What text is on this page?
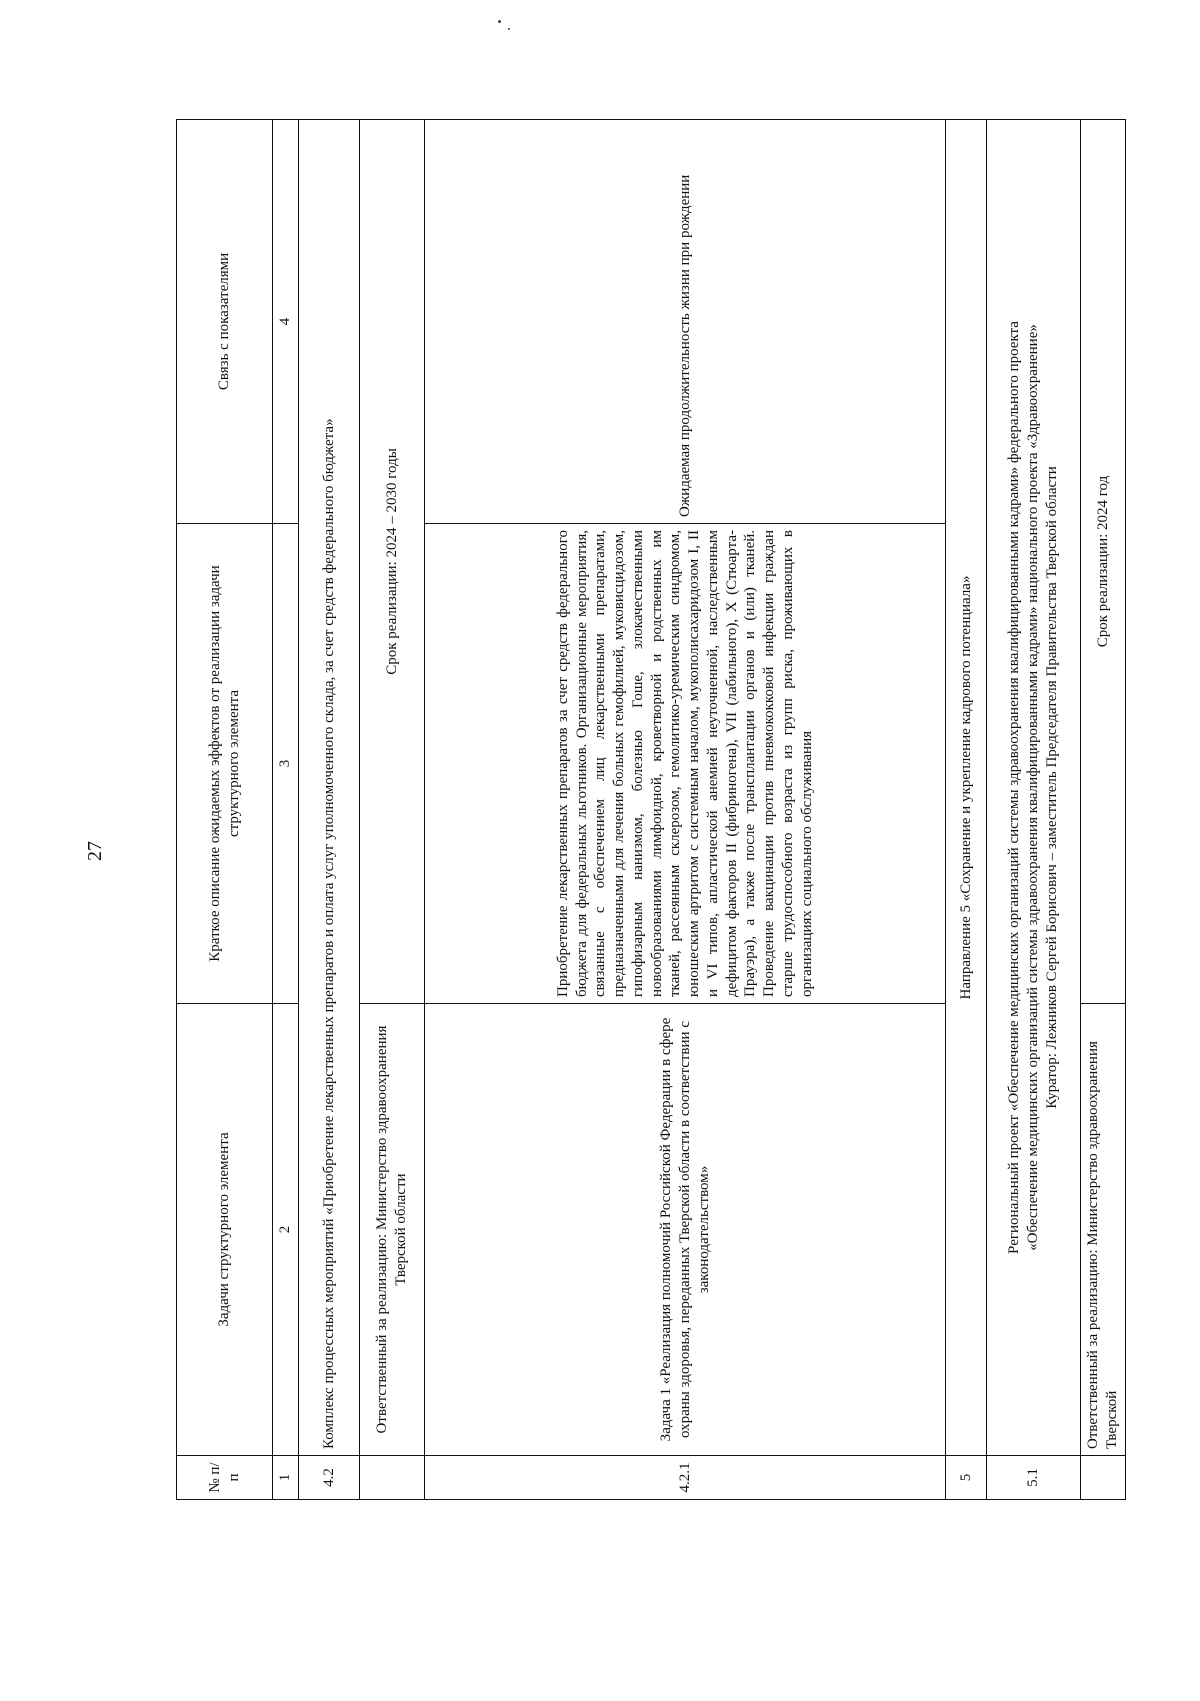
27
№ п/п	Задачи структурного элемента	Краткое описание ожидаемых эффектов от реализации задачи структурного элемента	Связь с показателями
1	2	3	4
4.2	Комплекс процессных мероприятий «Приобретение лекарственных препаратов и оплата услуг уполномоченного склада, за счет средств федерального бюджета»		
	Ответственный за реализацию: Министерство здравоохранения Тверской области	Срок реализации: 2024 – 2030 годы	
4.2.1	Задача 1 «Реализация полномочий Российской Федерации в сфере охраны здоровья, переданных Тверской области в соответствии с законодательством»	Приобретение лекарственных препаратов за счет средств федерального бюджета для федеральных льготников. Организационные мероприятия, связанные с обеспечением лиц лекарственными препаратами, предназначенными для лечения больных гемофилией, муковисцидозом, гипофизарным нанизмом, болезнью Гоше, злокачественными новообразованиями лимфоидной, кроветворной и родственных им тканей, рассеянным склерозом, гемолитико-уремическим синдромом, юношеским артритом с системным началом, мукополисахаридозом I, II и VI типов, апластической анемией неуточненной, наследственным дефицитом факторов II (фибриногена), VII (лабильного), X (Стюарта-Прауэра), а также после трансплантации органов и (или) тканей. Проведение вакцинации против пневмококковой инфекции граждан старше трудоспособного возраста из групп риска, проживающих в организациях социального обслуживания	Ожидаемая продолжительность жизни при рождении
5	Направление 5 «Сохранение и укрепление кадрового потенциала»		
5.1	Региональный проект «Обеспечение медицинских организаций системы здравоохранения квалифицированными кадрами» федерального проекта «Обеспечение медицинских организаций системы здравоохранения квалифицированными кадрами» национального проекта «Здравоохранение» Куратор: Лежников Сергей Борисович – заместитель Председателя Правительства Тверской области		

	Ответственный за реализацию: Министерство здравоохранения Тверской	Срок реализации: 2024 год	
